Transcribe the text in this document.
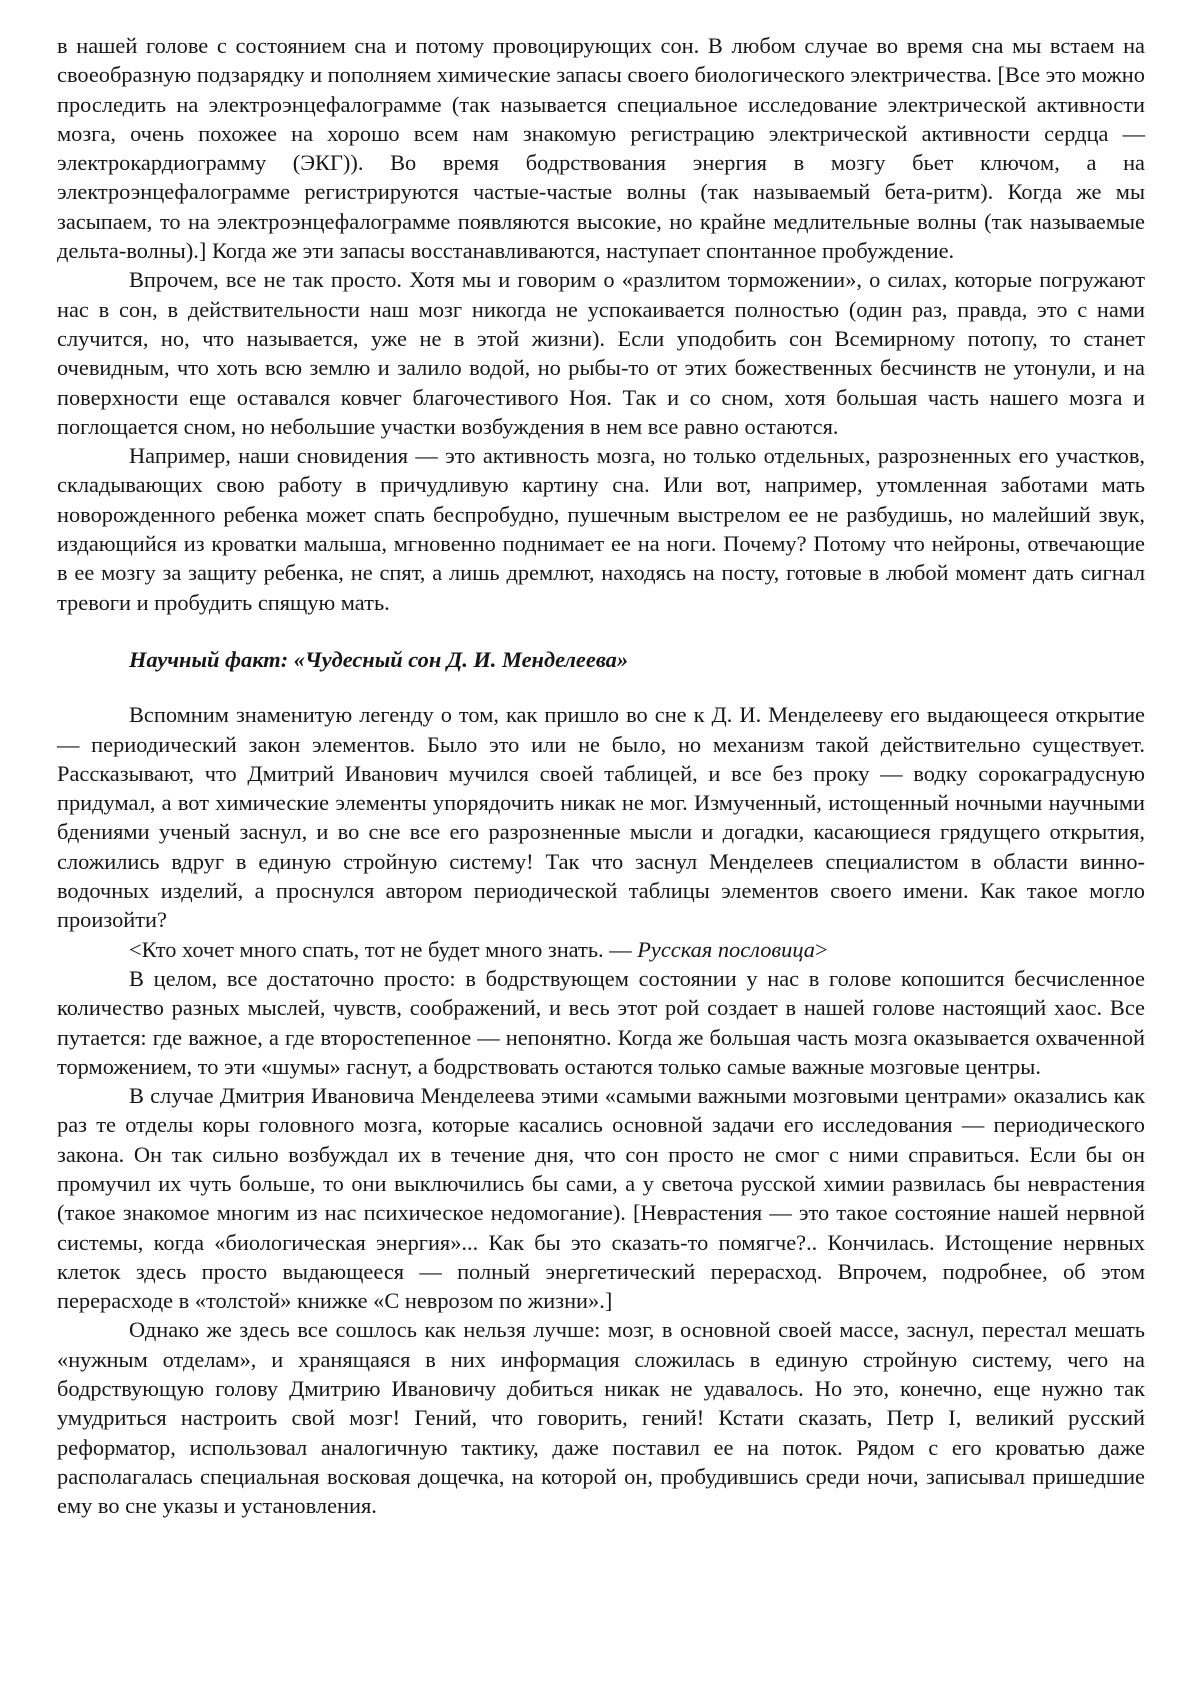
в нашей голове с состоянием сна и потому провоцирующих сон. В любом случае во время сна мы встаем на своеобразную подзарядку и пополняем химические запасы своего биологического электричества. [Все это можно проследить на электроэнцефалограмме (так называется специальное исследование электрической активности мозга, очень похожее на хорошо всем нам знакомую регистрацию электрической активности сердца — электрокардиограмму (ЭКГ)). Во время бодрствования энергия в мозгу бьет ключом, а на электроэнцефалограмме регистрируются частые-частые волны (так называемый бета-ритм). Когда же мы засыпаем, то на электроэнцефалограмме появляются высокие, но крайне медлительные волны (так называемые дельта-волны).] Когда же эти запасы восстанавливаются, наступает спонтанное пробуждение.

Впрочем, все не так просто. Хотя мы и говорим о «разлитом торможении», о силах, которые погружают нас в сон, в действительности наш мозг никогда не успокаивается полностью (один раз, правда, это с нами случится, но, что называется, уже не в этой жизни). Если уподобить сон Всемирному потопу, то станет очевидным, что хоть всю землю и залило водой, но рыбы-то от этих божественных бесчинств не утонули, и на поверхности еще оставался ковчег благочестивого Ноя. Так и со сном, хотя большая часть нашего мозга и поглощается сном, но небольшие участки возбуждения в нем все равно остаются.

Например, наши сновидения — это активность мозга, но только отдельных, разрозненных его участков, складывающих свою работу в причудливую картину сна. Или вот, например, утомленная заботами мать новорожденного ребенка может спать беспробудно, пушечным выстрелом ее не разбудишь, но малейший звук, издающийся из кроватки малыша, мгновенно поднимает ее на ноги. Почему? Потому что нейроны, отвечающие в ее мозгу за защиту ребенка, не спят, а лишь дремлют, находясь на посту, готовые в любой момент дать сигнал тревоги и пробудить спящую мать.

Научный факт: «Чудесный сон Д. И. Менделеева»

Вспомним знаменитую легенду о том, как пришло во сне к Д. И. Менделееву его выдающееся открытие — периодический закон элементов. Было это или не было, но механизм такой действительно существует. Рассказывают, что Дмитрий Иванович мучился своей таблицей, и все без проку — водку сорокаградусную придумал, а вот химические элементы упорядочить никак не мог. Измученный, истощенный ночными научными бдениями ученый заснул, и во сне все его разрозненные мысли и догадки, касающиеся грядущего открытия, сложились вдруг в единую стройную систему! Так что заснул Менделеев специалистом в области винно-водочных изделий, а проснулся автором периодической таблицы элементов своего имени. Как такое могло произойти?

<Кто хочет много спать, тот не будет много знать. — Русская пословица>

В целом, все достаточно просто: в бодрствующем состоянии у нас в голове копошится бесчисленное количество разных мыслей, чувств, соображений, и весь этот рой создает в нашей голове настоящий хаос. Все путается: где важное, а где второстепенное — непонятно. Когда же большая часть мозга оказывается охваченной торможением, то эти «шумы» гаснут, а бодрствовать остаются только самые важные мозговые центры.

В случае Дмитрия Ивановича Менделеева этими «самыми важными мозговыми центрами» оказались как раз те отделы коры головного мозга, которые касались основной задачи его исследования — периодического закона. Он так сильно возбуждал их в течение дня, что сон просто не смог с ними справиться. Если бы он промучил их чуть больше, то они выключились бы сами, а у светоча русской химии развилась бы неврастения (такое знакомое многим из нас психическое недомогание). [Неврастения — это такое состояние нашей нервной системы, когда «биологическая энергия»... Как бы это сказать-то помягче?.. Кончилась. Истощение нервных клеток здесь просто выдающееся — полный энергетический перерасход. Впрочем, подробнее, об этом перерасходе в «толстой» книжке «С неврозом по жизни».]

Однако же здесь все сошлось как нельзя лучше: мозг, в основной своей массе, заснул, перестал мешать «нужным отделам», и хранящаяся в них информация сложилась в единую стройную систему, чего на бодрствующую голову Дмитрию Ивановичу добиться никак не удавалось. Но это, конечно, еще нужно так умудриться настроить свой мозг! Гений, что говорить, гений! Кстати сказать, Петр I, великий русский реформатор, использовал аналогичную тактику, даже поставил ее на поток. Рядом с его кроватью даже располагалась специальная восковая дощечка, на которой он, пробудившись среди ночи, записывал пришедшие ему во сне указы и установления.
